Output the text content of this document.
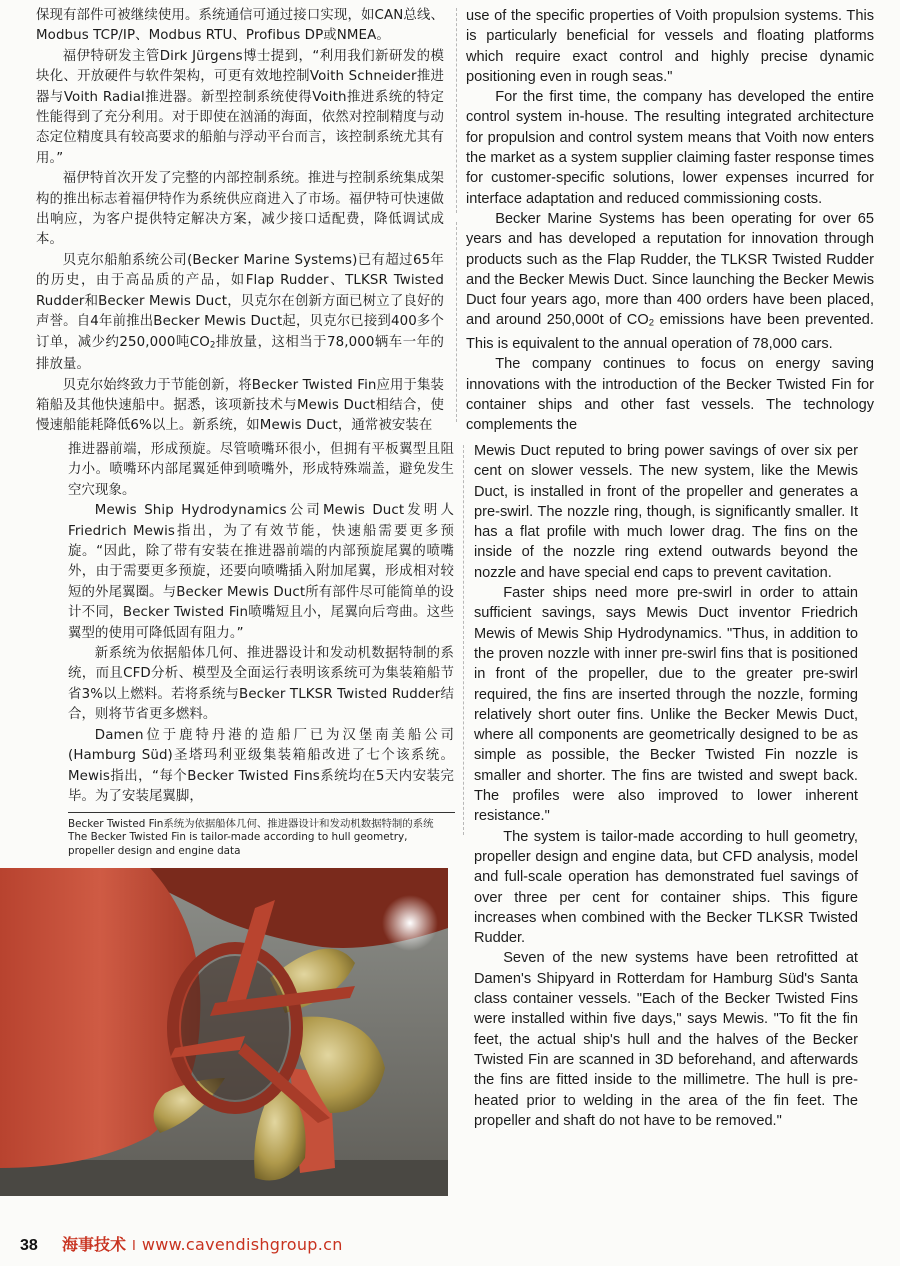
保现有部件可被继续使用。系统通信可通过接口实现，如CAN总线、Modbus TCP/IP、Modbus RTU、Profibus DP或NMEA。

福伊特研发主管Dirk Jürgens博士提到，“利用我们新研发的模块化、开放硬件与软件架构，可更有效地控制Voith Schneider推进器与Voith Radial推进器。新型控制系统使得Voith推进系统的特定性能得到了充分利用。对于即使在汹涌的海面，依然对控制精度与动态定位精度具有较高要求的船舶与浮动平台而言，该控制系统尤其有用。”

福伊特首次开发了完整的内部控制系统。推进与控制系统集成架构的推出标志着福伊特作为系统供应商进入了市场。福伊特可快速做出响应，为客户提供特定解决方案，减少接口适配费，降低调试成本。

贝克尔船舶系统公司(Becker Marine Systems)已有超过65年的历史，由于高品质的产品，如Flap Rudder、TLKSR Twisted Rudder和Becker Mewis Duct，贝克尔在创新方面已树立了良好的声誉。自4年前推出Becker Mewis Duct起，贝克尔已接到400多个订单，减少约250,000吨$CO_2$排放量，这相当于78,000辆车一年的排放量。

贝克尔始终致力于节能创新，将Becker Twisted Fin应用于集装箱船及其他快速船中。据悉，该项新技术与Mewis Duct相结合，使慢速船能耗降低6%以上。新系统，如Mewis Duct，通常被安装在

use of the specific properties of Voith propulsion systems. This is particularly beneficial for vessels and floating platforms which require exact control and highly precise dynamic positioning even in rough seas."

For the first time, the company has developed the entire control system in-house. The resulting integrated architecture for propulsion and control system means that Voith now enters the market as a system supplier claiming faster response times for customer-specific solutions, lower expenses incurred for interface adaptation and reduced commissioning costs.

Becker Marine Systems has been operating for over 65 years and has developed a reputation for innovation through products such as the Flap Rudder, the TLKSR Twisted Rudder and the Becker Mewis Duct. Since launching the Becker Mewis Duct four years ago, more than 400 orders have been placed, and around 250,000t of $CO_2$ emissions have been prevented. This is equivalent to the annual operation of 78,000 cars.

The company continues to focus on energy saving innovations with the introduction of the Becker Twisted Fin for container ships and other fast vessels. The technology complements the

推进器前端，形成预旋。尽管喷嘴环很小，但拥有平板翼型且阻力小。喷嘴环内部尾翼延伸到喷嘴外，形成特殊端盖，避免发生空穴现象。

Mewis Ship Hydrodynamics公司Mewis Duct发明人Friedrich Mewis指出，为了有效节能，快速船需要更多预旋。“因此，除了带有安装在推进器前端的内部预旋尾翼的喷嘴外，由于需要更多预旋，还要向喷嘴插入附加尾翼，形成相对较短的外尾翼圈。与Becker Mewis Duct所有部件尽可能简单的设计不同，Becker Twisted Fin喷嘴短且小，尾翼向后弯曲。这些翼型的使用可降低固有阻力。”

新系统为依据船体几何、推进器设计和发动机数据特制的系统，而且CFD分析、模型及全面运行表明该系统可为集装箱船节省3%以上燃料。若将系统与Becker TLKSR Twisted Rudder结合，则将节省更多燃料。

Damen位于鹿特丹港的造船厂已为汉堡南美船公司(Hamburg Süd)圣塔玛利亚级集装箱船改进了七个该系统。Mewis指出，“每个Becker Twisted Fins系统均在5天内安装完毕。为了安装尾翼脚，

Mewis Duct reputed to bring power savings of over six per cent on slower vessels. The new system, like the Mewis Duct, is installed in front of the propeller and generates a pre-swirl. The nozzle ring, though, is significantly smaller. It has a flat profile with much lower drag. The fins on the inside of the nozzle ring extend outwards beyond the nozzle and have special end caps to prevent cavitation.

Faster ships need more pre-swirl in order to attain sufficient savings, says Mewis Duct inventor Friedrich Mewis of Mewis Ship Hydrodynamics. "Thus, in addition to the proven nozzle with inner pre-swirl fins that is positioned in front of the propeller, due to the greater pre-swirl required, the fins are inserted through the nozzle, forming relatively short outer fins. Unlike the Becker Mewis Duct, where all components are geometrically designed to be as simple as possible, the Becker Twisted Fin nozzle is smaller and shorter. The fins are twisted and swept back. The profiles were also improved to lower inherent resistance."

The system is tailor-made according to hull geometry, propeller design and engine data, but CFD analysis, model and full-scale operation has demonstrated fuel savings of over three per cent for container ships. This figure increases when combined with the Becker TLKSR Twisted Rudder.

Seven of the new systems have been retrofitted at Damen's Shipyard in Rotterdam for Hamburg Süd's Santa class container vessels. "Each of the Becker Twisted Fins were installed within five days," says Mewis. "To fit the fin feet, the actual ship's hull and the halves of the Becker Twisted Fin are scanned in 3D beforehand, and afterwards the fins are fitted inside to the millimetre. The hull is pre-heated prior to welding in the area of the fin feet. The propeller and shaft do not have to be removed."

Becker Twisted Fin系统为依据船体几何、推进器设计和发动机数据特制的系统
The Becker Twisted Fin is tailor-made according to hull geometry,
propeller design and engine data
38	海事技术 I www.cavendishgroup.cn
